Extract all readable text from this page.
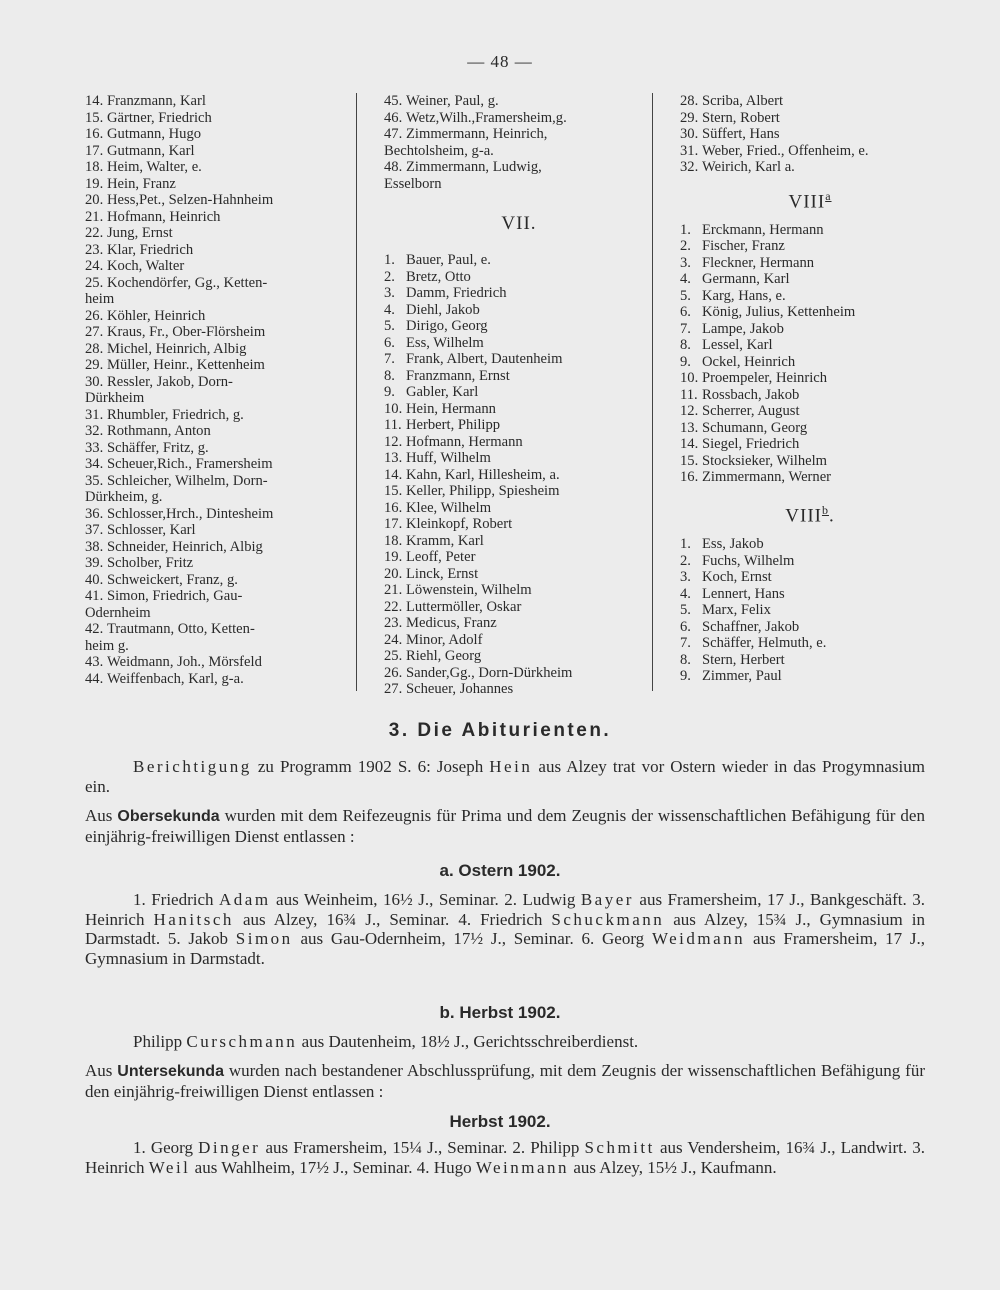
— 48 —
14. Franzmann, Karl
15. Gärtner, Friedrich
16. Gutmann, Hugo
17. Gutmann, Karl
18. Heim, Walter, e.
19. Hein, Franz
20. Hess,Pet., Selzen-Hahnheim
21. Hofmann, Heinrich
22. Jung, Ernst
23. Klar, Friedrich
24. Koch, Walter
25. Kochendörfer, Gg., Ketten-
heim
26. Köhler, Heinrich
27. Kraus, Fr., Ober-Flörsheim
28. Michel, Heinrich, Albig
29. Müller, Heinr., Kettenheim
30. Ressler, Jakob, Dorn-
Dürkheim
31. Rhumbler, Friedrich, g.
32. Rothmann, Anton
33. Schäffer, Fritz, g.
34. Scheuer,Rich., Framersheim
35. Schleicher, Wilhelm, Dorn-
Dürkheim, g.
36. Schlosser,Hrch., Dintesheim
37. Schlosser, Karl
38. Schneider, Heinrich, Albig
39. Scholber, Fritz
40. Schweickert, Franz, g.
41. Simon, Friedrich, Gau-
Odernheim
42. Trautmann, Otto, Ketten-
heim g.
43. Weidmann, Joh., Mörsfeld
44. Weiffenbach, Karl, g-a.
45. Weiner, Paul, g.
46. Wetz,Wilh.,Framersheim,g.
47. Zimmermann, Heinrich,
Bechtolsheim, g-a.
48. Zimmermann, Ludwig,
Esselborn
VII.
1. Bauer, Paul, e.
2. Bretz, Otto
3. Damm, Friedrich
4. Diehl, Jakob
5. Dirigo, Georg
6. Ess, Wilhelm
7. Frank, Albert, Dautenheim
8. Franzmann, Ernst
9. Gabler, Karl
10. Hein, Hermann
11. Herbert, Philipp
12. Hofmann, Hermann
13. Huff, Wilhelm
14. Kahn, Karl, Hillesheim, a.
15. Keller, Philipp, Spiesheim
16. Klee, Wilhelm
17. Kleinkopf, Robert
18. Kramm, Karl
19. Leoff, Peter
20. Linck, Ernst
21. Löwenstein, Wilhelm
22. Luttermöller, Oskar
23. Medicus, Franz
24. Minor, Adolf
25. Riehl, Georg
26. Sander,Gg., Dorn-Dürkheim
27. Scheuer, Johannes
28. Scriba, Albert
29. Stern, Robert
30. Süffert, Hans
31. Weber, Fried., Offenheim, e.
32. Weirich, Karl a.
VIII$^a$
1. Erckmann, Hermann
2. Fischer, Franz
3. Fleckner, Hermann
4. Germann, Karl
5. Karg, Hans, e.
6. König, Julius, Kettenheim
7. Lampe, Jakob
8. Lessel, Karl
9. Ockel, Heinrich
10. Proempeler, Heinrich
11. Rossbach, Jakob
12. Scherrer, August
13. Schumann, Georg
14. Siegel, Friedrich
15. Stocksieker, Wilhelm
16. Zimmermann, Werner
VIII$^b$.
1. Ess, Jakob
2. Fuchs, Wilhelm
3. Koch, Ernst
4. Lennert, Hans
5. Marx, Felix
6. Schaffner, Jakob
7. Schäffer, Helmuth, e.
8. Stern, Herbert
9. Zimmer, Paul
3. Die Abiturienten.

Berichtigung zu Programm 1902 S. 6: Joseph Hein aus Alzey trat vor Ostern wieder in das Progymnasium ein.

Aus Obersekunda wurden mit dem Reifezeugnis für Prima und dem Zeugnis der wissenschaftlichen Befähigung für den einjährig-freiwilligen Dienst entlassen :

a. Ostern 1902.

1. Friedrich Adam aus Weinheim, 16½ J., Seminar. 2. Ludwig Bayer aus Framersheim, 17 J., Bankgeschäft. 3. Heinrich Hanitsch aus Alzey, 16¾ J., Seminar. 4. Friedrich Schuckmann aus Alzey, 15¾ J., Gymnasium in Darmstadt. 5. Jakob Simon aus Gau-Odernheim, 17½ J., Seminar. 6. Georg Weidmann aus Framersheim, 17 J., Gymnasium in Darmstadt.

b. Herbst 1902.

Philipp Curschmann aus Dautenheim, 18½ J., Gerichtsschreiberdienst.

Aus Untersekunda wurden nach bestandener Abschlussprüfung, mit dem Zeugnis der wissenschaftlichen Befähigung für den einjährig-freiwilligen Dienst entlassen :

Herbst 1902.

1. Georg Dinger aus Framersheim, 15¼ J., Seminar. 2. Philipp Schmitt aus Vendersheim, 16¾ J., Landwirt. 3. Heinrich Weil aus Wahlheim, 17½ J., Seminar. 4. Hugo Weinmann aus Alzey, 15½ J., Kaufmann.
